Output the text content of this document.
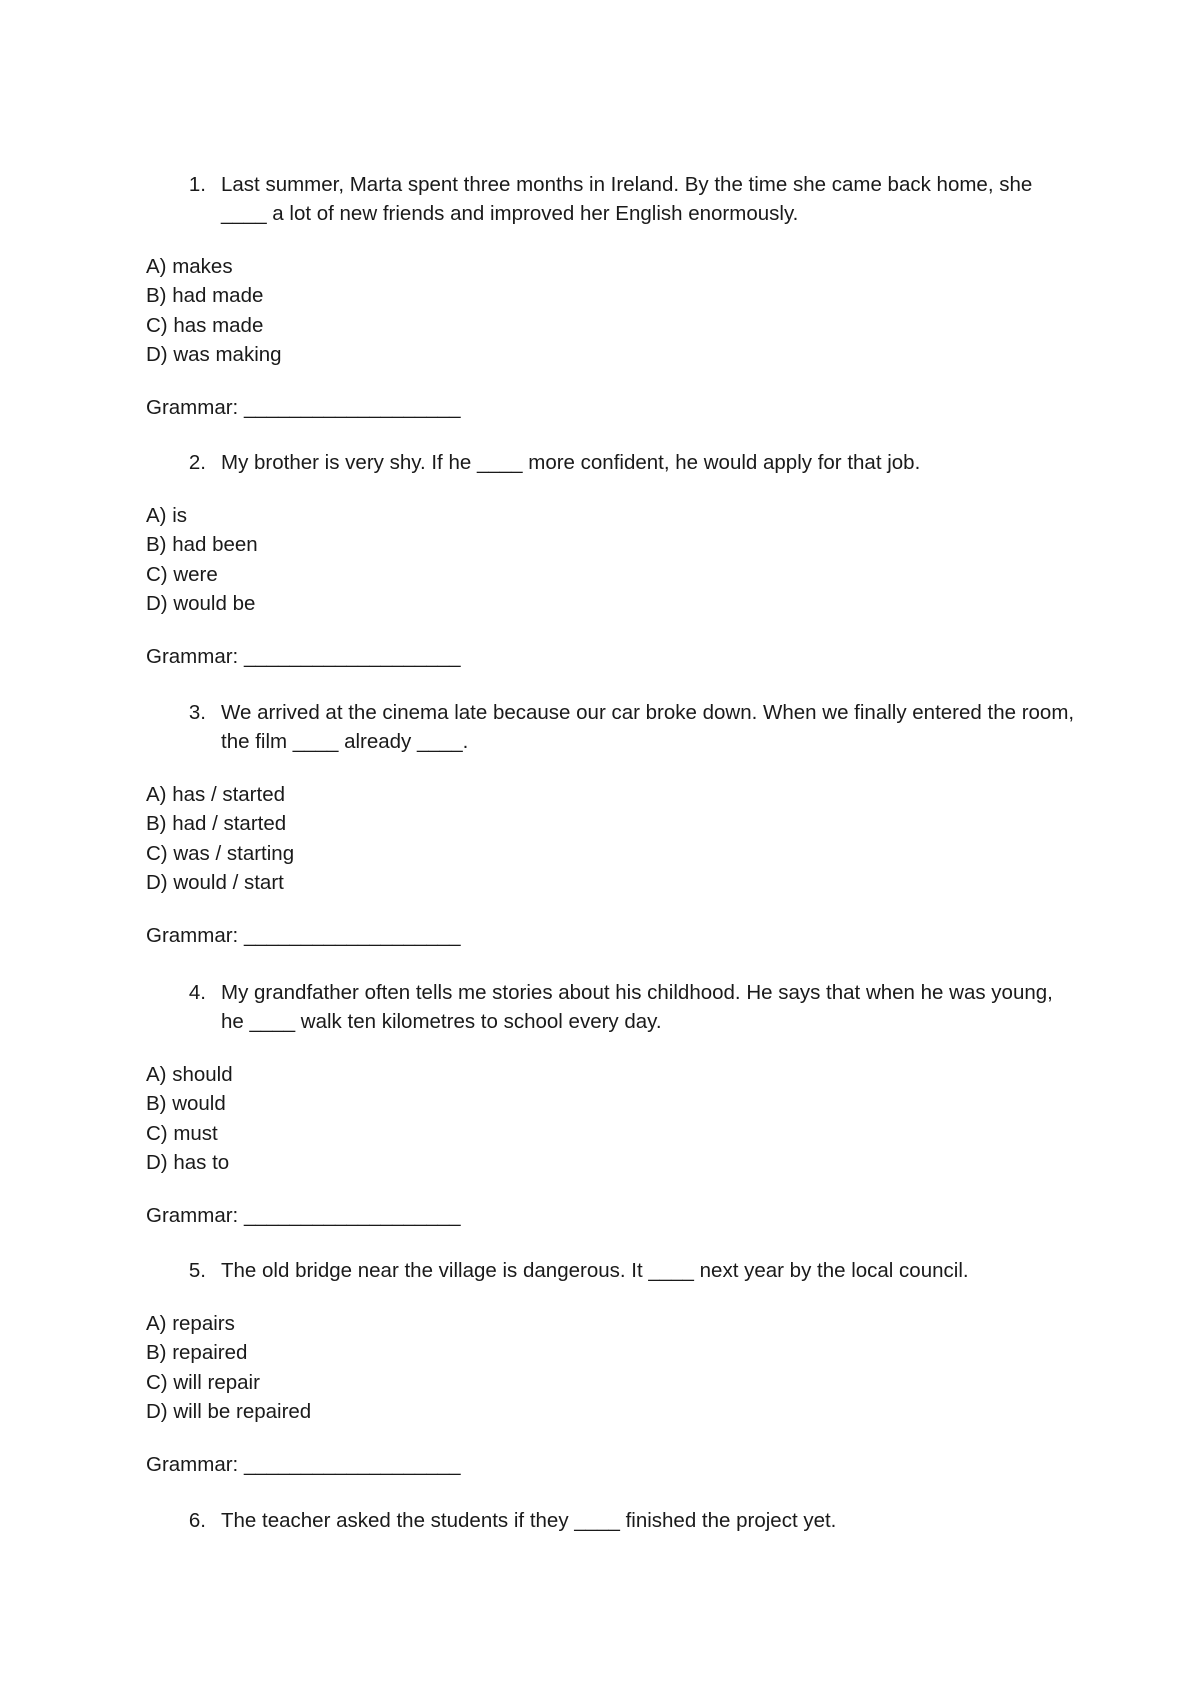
1. Last summer, Marta spent three months in Ireland. By the time she came back home, she ____ a lot of new friends and improved her English enormously.
A) makes
B) had made
C) has made
D) was making
Grammar: ___________________
2. My brother is very shy. If he ____ more confident, he would apply for that job.
A) is
B) had been
C) were
D) would be
Grammar: ___________________
3. We arrived at the cinema late because our car broke down. When we finally entered the room, the film ____ already ____.
A) has / started
B) had / started
C) was / starting
D) would / start
Grammar: ___________________
4. My grandfather often tells me stories about his childhood. He says that when he was young, he ____ walk ten kilometres to school every day.
A) should
B) would
C) must
D) has to
Grammar: ___________________
5. The old bridge near the village is dangerous. It ____ next year by the local council.
A) repairs
B) repaired
C) will repair
D) will be repaired
Grammar: ___________________
6. The teacher asked the students if they ____ finished the project yet.
